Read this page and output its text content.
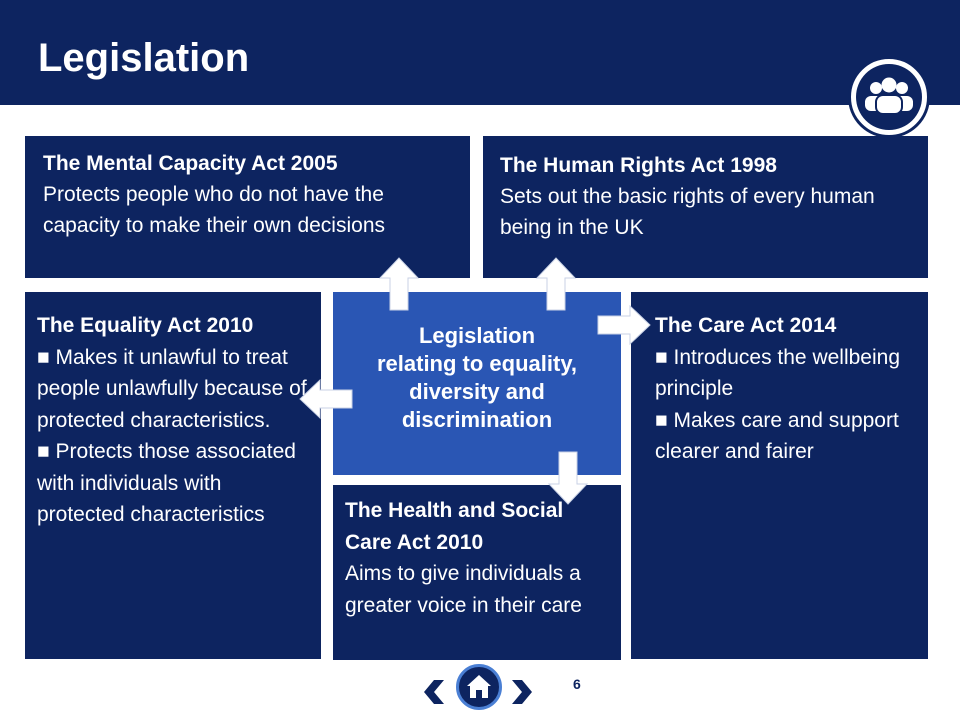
Legislation

The Mental Capacity Act 2005

Protects people who do not have the capacity to make their own decisions

The Human Rights Act 1998

Sets out the basic rights of every human being in the UK

The Equality Act 2010

■ Makes it unlawful to treat people unlawfully because of protected characteristics.
■ Protects those associated with individuals with protected characteristics
Legislation
relating to equality, diversity and discrimination

The Care Act 2014

■ Introduces the wellbeing principle
■ Makes care and support clearer and fairer

The Health and Social Care Act 2010

Aims to give individuals a greater voice in their care

6
